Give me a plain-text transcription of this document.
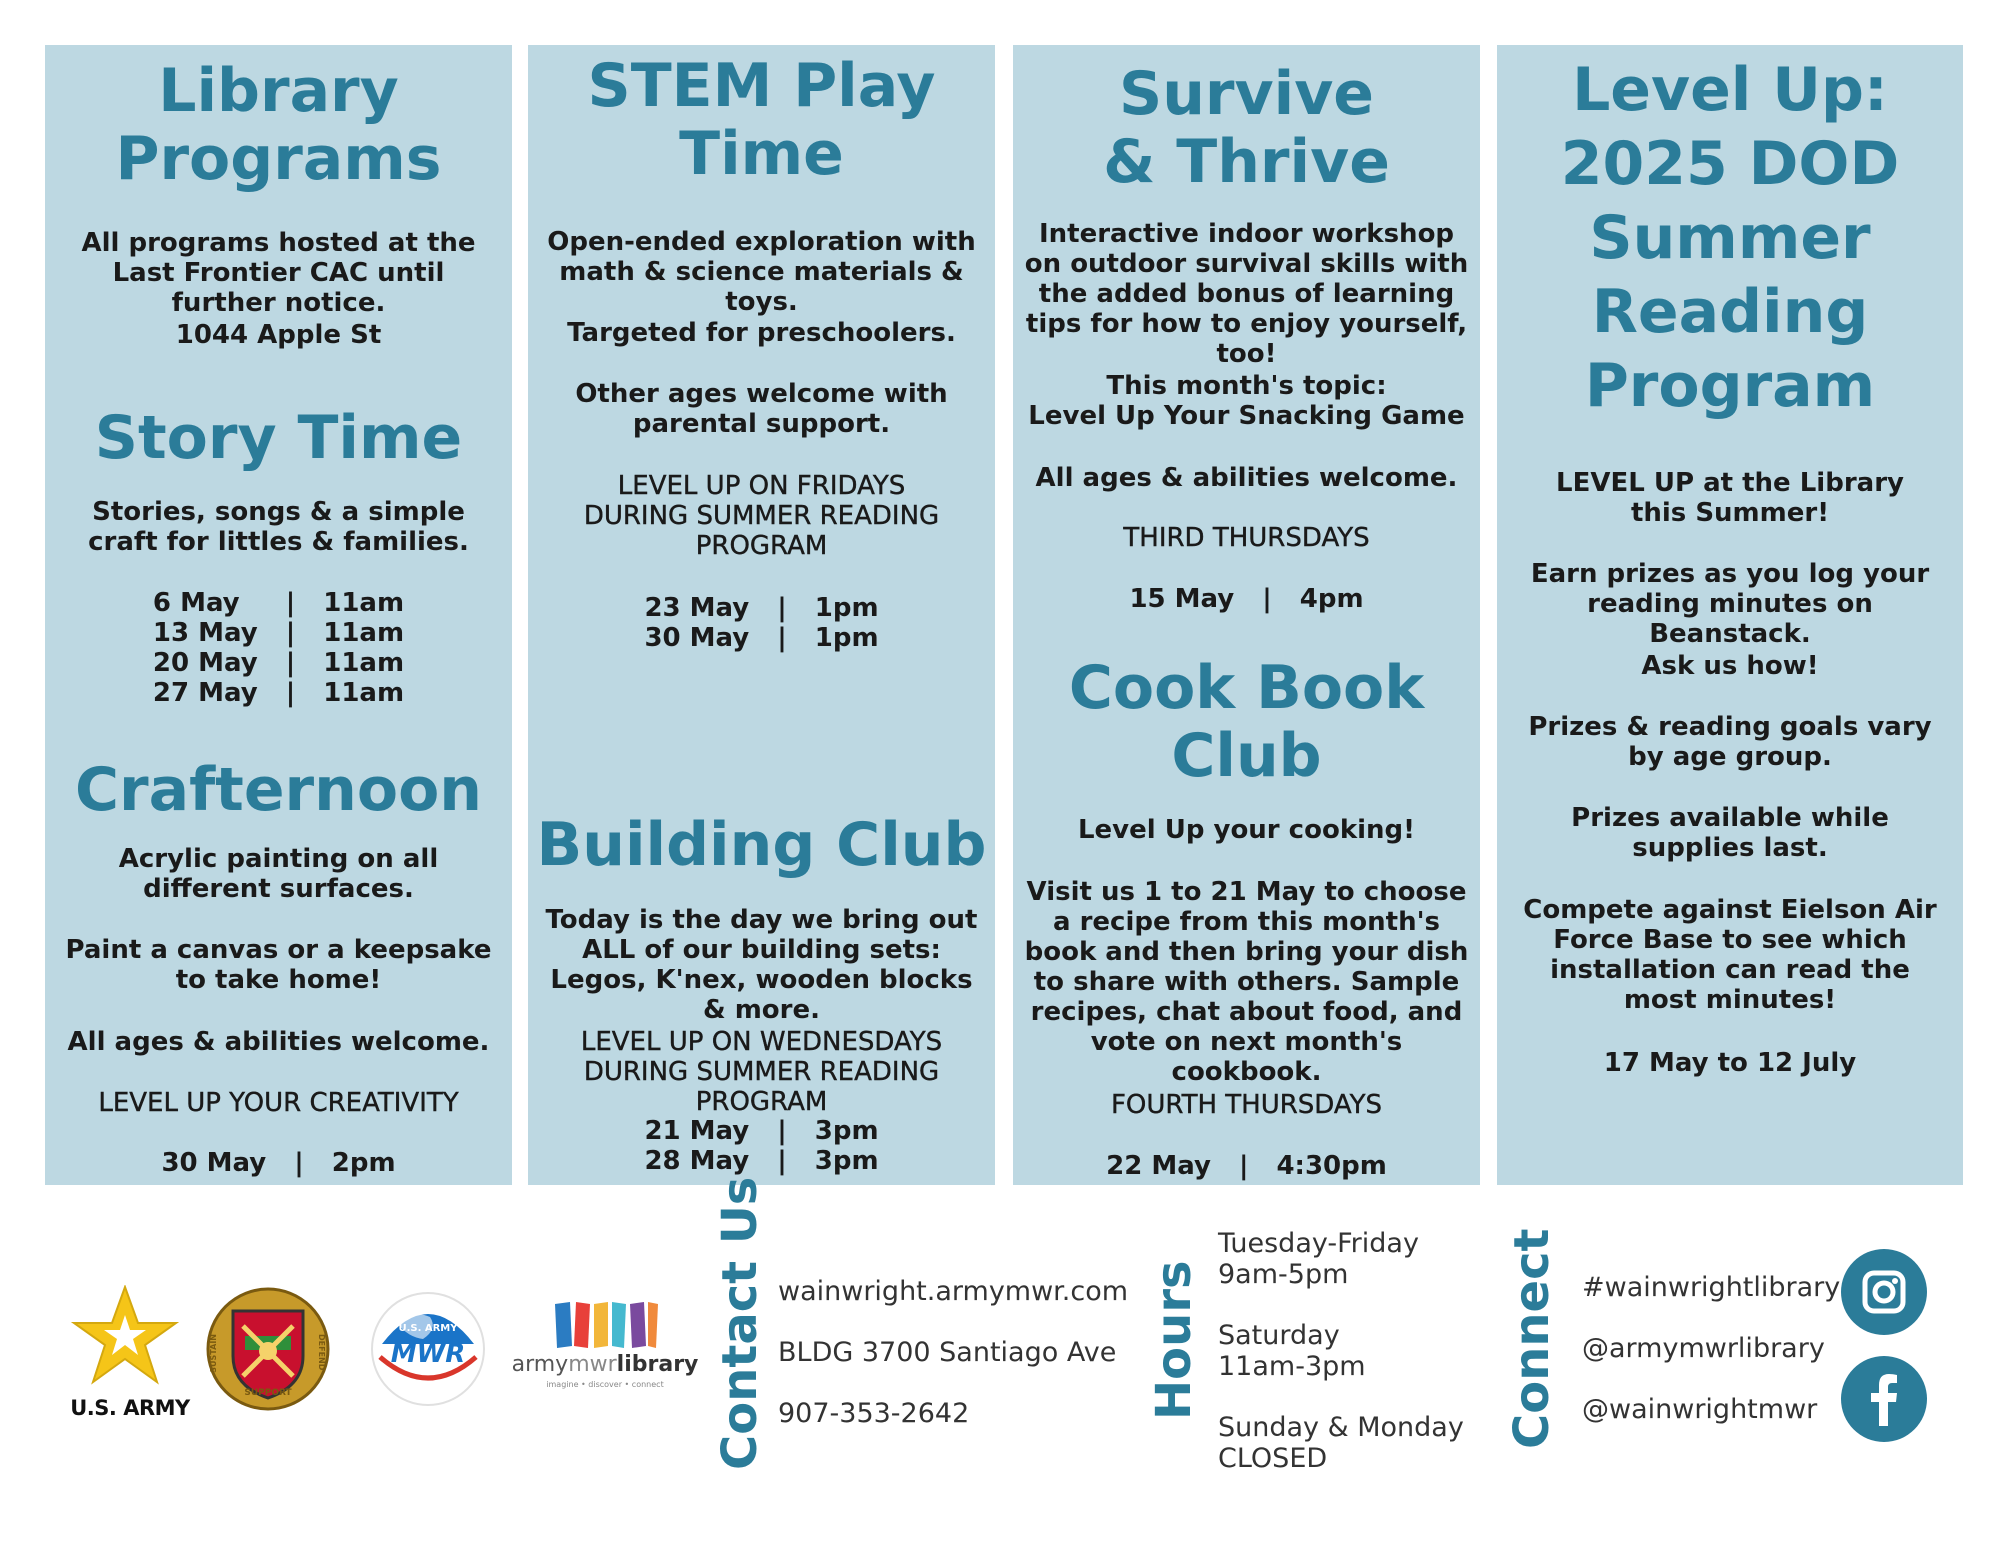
Library Programs
All programs hosted at the Last Frontier CAC until further notice.
1044 Apple St
Story Time
Stories, songs & a simple craft for littles & families.
6 May	| 11am
13 May | 11am
20 May | 11am
27 May | 11am
Crafternoon
Acrylic painting on all different surfaces.
Paint a canvas or a keepsake to take home!
All ages & abilities welcome.
LEVEL UP YOUR CREATIVITY
30 May | 2pm
STEM Play Time
Open-ended exploration with math & science materials & toys.
Targeted for preschoolers.
Other ages welcome with parental support.
LEVEL UP ON FRIDAYS DURING SUMMER READING PROGRAM
23 May | 1pm
30 May | 1pm
Building Club
Today is the day we bring out ALL of our building sets: Legos, K'nex, wooden blocks & more.
LEVEL UP ON WEDNESDAYS DURING SUMMER READING PROGRAM
21 May | 3pm
28 May | 3pm
Survive & Thrive
Interactive indoor workshop on outdoor survival skills with the added bonus of learning tips for how to enjoy yourself, too!
This month's topic:
Level Up Your Snacking Game
All ages & abilities welcome.
THIRD THURSDAYS
15 May | 4pm
Cook Book Club
Level Up your cooking!
Visit us 1 to 21 May to choose a recipe from this month's book and then bring your dish to share with others. Sample recipes, chat about food, and vote on next month's cookbook.
FOURTH THURSDAYS
22 May | 4:30pm
Level Up: 2025 DOD Summer Reading Program
LEVEL UP at the Library this Summer!
Earn prizes as you log your reading minutes on Beanstack.
Ask us how!
Prizes & reading goals vary by age group.
Prizes available while supplies last.
Compete against Eielson Air Force Base to see which installation can read the most minutes!
17 May to 12 July
U.S. ARMY
SUPPORT
SUSTAIN	DEFEND
U.S. ARMY
MWR	armymwrlibrary
imagine • discover • connect	Contact Us wainwright.armymwr.com
BLDG 3700 Santiago Ave
907-353-2642	Hours
Tuesday-Friday
9am-5pm
Saturday
11am-3pm
Sunday & Monday
CLOSED
Connect #wainwrightlibrary
@armymwrlibrary
@wainwrightmwr
